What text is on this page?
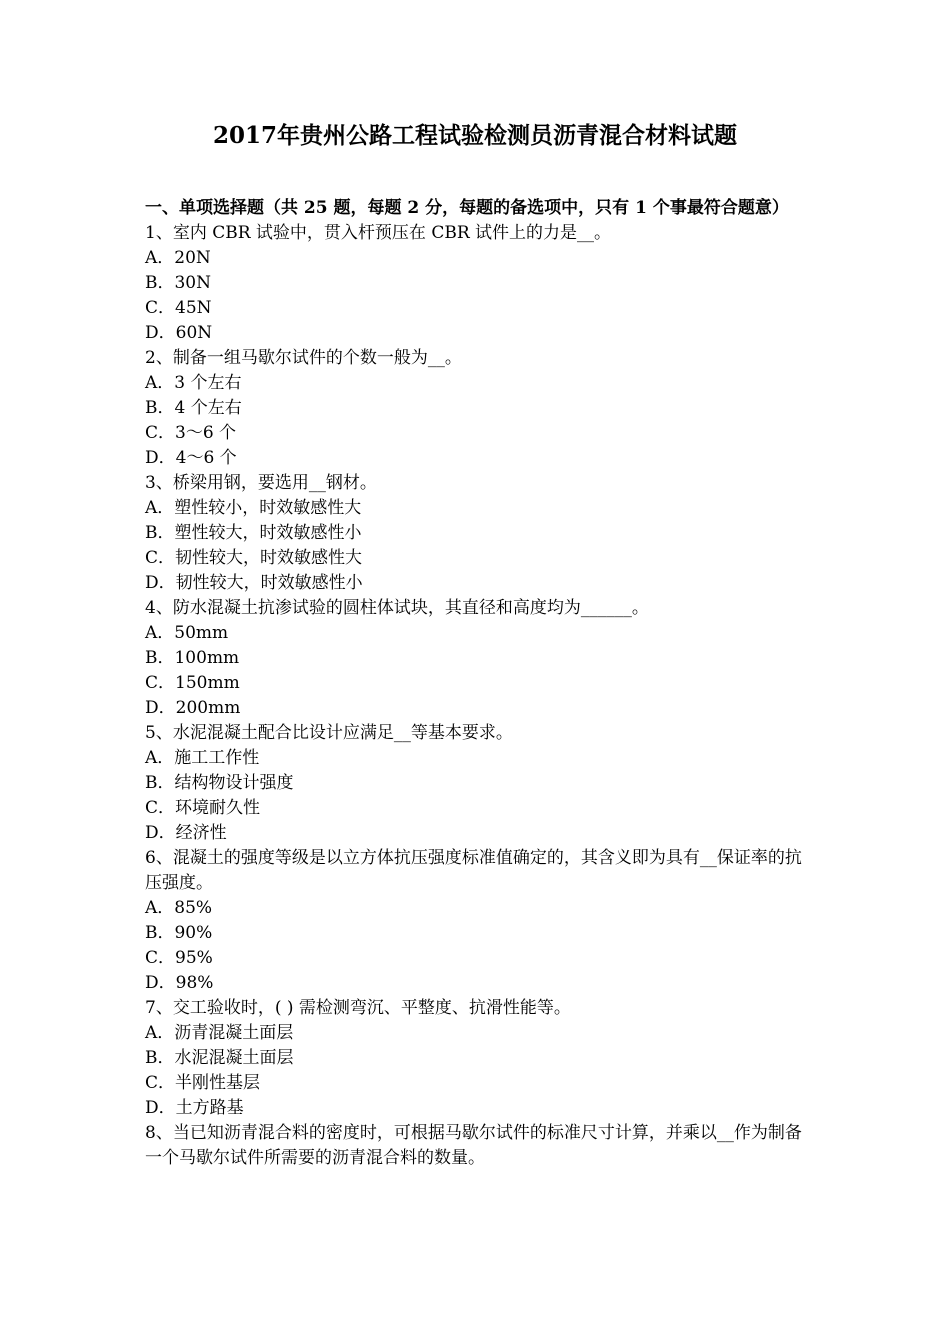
2017年贵州公路工程试验检测员沥青混合材料试题

一、单项选择题（共 25 题，每题 2 分，每题的备选项中，只有 1 个事最符合题意）

1、室内 CBR 试验中，贯入杆预压在 CBR 试件上的力是__。

A．20N

B．30N

C．45N

D．60N

2、制备一组马歇尔试件的个数一般为__。

A．3 个左右

B．4 个左右

C．3～6 个

D．4～6 个

3、桥梁用钢，要选用__钢材。

A．塑性较小，时效敏感性大

B．塑性较大，时效敏感性小

C．韧性较大，时效敏感性大

D．韧性较大，时效敏感性小

4、防水混凝土抗渗试验的圆柱体试块，其直径和高度均为______。

A．50mm

B．100mm

C．150mm

D．200mm

5、水泥混凝土配合比设计应满足__等基本要求。

A．施工工作性

B．结构物设计强度

C．环境耐久性

D．经济性

6、混凝土的强度等级是以立方体抗压强度标准值确定的，其含义即为具有__保证率的抗压强度。

A．85%

B．90%

C．95%

D．98%

7、交工验收时，( ) 需检测弯沉、平整度、抗滑性能等。

A．沥青混凝土面层

B．水泥混凝土面层

C．半刚性基层

D．土方路基

8、当已知沥青混合料的密度时，可根据马歇尔试件的标准尺寸计算，并乘以__作为制备一个马歇尔试件所需要的沥青混合料的数量。
